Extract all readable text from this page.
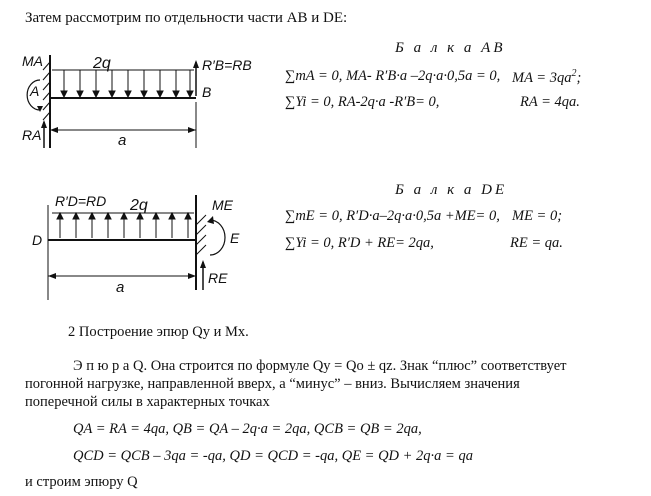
Затем рассмотрим по отдельности части АВ и DE:
MA
A
2q	R′B=RB
B
RA	a
Б а л к а АВ
∑mA = 0, MA- R′B·a –2q·a·0,5a = 0, MA = $3qa^2$;
∑Yi = 0, RA-2q·a -R′B= 0,	RA = 4qa.
R′D=RD 2q	ME
D	E
RE
a
Б а л к а DE
∑mE = 0, R′D·a–2q·a·0,5a +ME= 0, ME = 0;
∑Yi = 0, R′D + RE= 2qa,	RE = qa.
2 Построение эпюр Qy и Mx.
Э п ю р а Q. Она строится по формуле Qy = Qo ± qz. Знак “плюс” соответствует
погонной нагрузке, направленной вверх, а “минус” – вниз. Вычисляем значения
поперечной силы в характерных точках
QA = RA = 4qa, QB = QA – 2q·a = 2qa, QCB = QB = 2qa,
QCD = QCB – 3qa = -qa, QD = QCD = -qa, QE = QD + 2q·a = qa
и строим эпюру Q
